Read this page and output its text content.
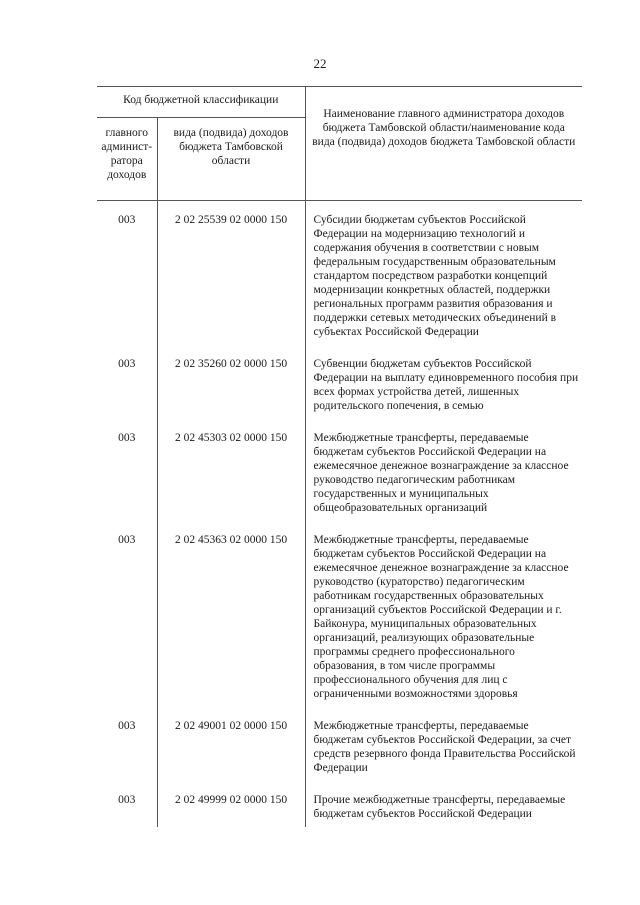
22
Код бюджетной классификации		Наименование главного администратора доходов бюджета Тамбовской области/наименование кода вида (подвида) доходов бюджета Тамбовской области
главного админист-ратора доходов	вида (подвида) доходов бюджета Тамбовской области	
003	2 02 25539 02 0000 150	Субсидии бюджетам субъектов Российской Федерации на модернизацию технологий и содержания обучения в соответствии с новым федеральным государственным образовательным стандартом посредством разработки концепций модернизации конкретных областей, поддержки региональных программ развития образования и поддержки сетевых методических объединений в субъектах Российской Федерации
003	2 02 35260 02 0000 150	Субвенции бюджетам субъектов Российской Федерации на выплату единовременного пособия при всех формах устройства детей, лишенных родительского попечения, в семью
003	2 02 45303 02 0000 150	Межбюджетные трансферты, передаваемые бюджетам субъектов Российской Федерации на ежемесячное денежное вознаграждение за классное руководство педагогическим работникам государственных и муниципальных общеобразовательных организаций
003	2 02 45363 02 0000 150	Межбюджетные трансферты, передаваемые бюджетам субъектов Российской Федерации на ежемесячное денежное вознаграждение за классное руководство (кураторство) педагогическим работникам государственных образовательных организаций субъектов Российской Федерации и г. Байконура, муниципальных образовательных организаций, реализующих образовательные программы среднего профессионального образования, в том числе программы профессионального обучения для лиц с ограниченными возможностями здоровья
003	2 02 49001 02 0000 150	Межбюджетные трансферты, передаваемые бюджетам субъектов Российской Федерации, за счет средств резервного фонда Правительства Российской Федерации
003	2 02 49999 02 0000 150	Прочие межбюджетные трансферты, передаваемые бюджетам субъектов Российской Федерации
